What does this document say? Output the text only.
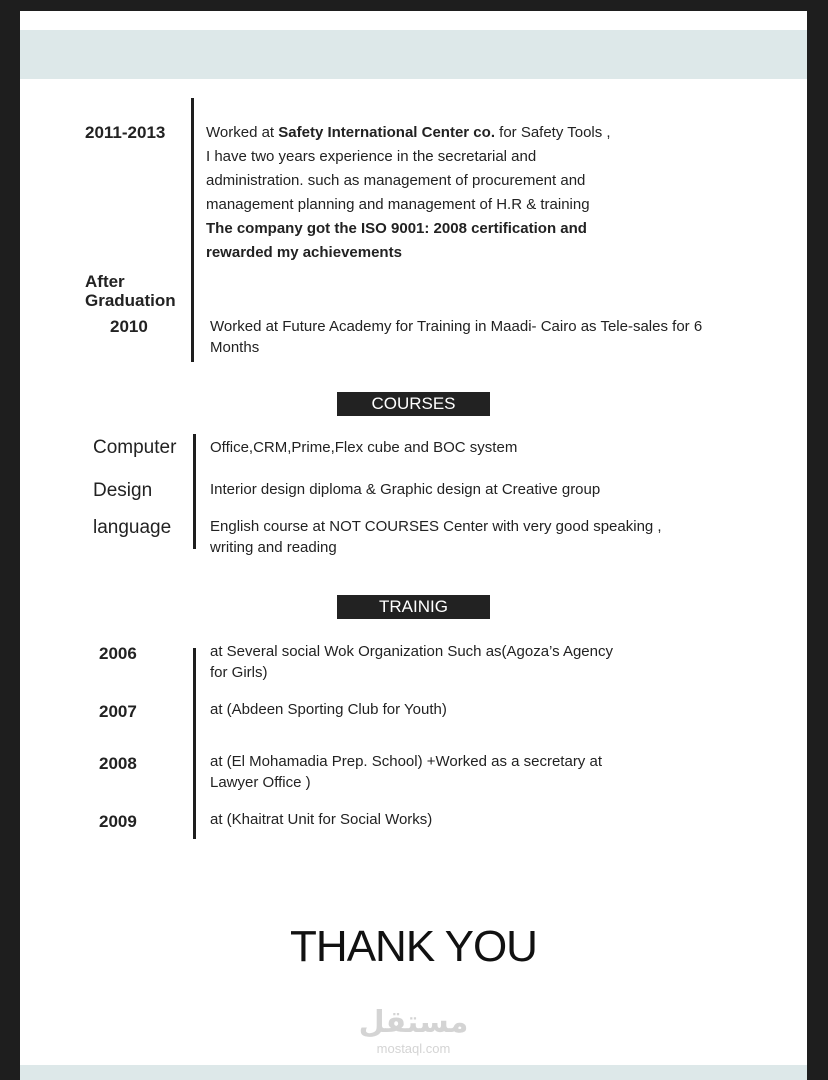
2011-2013	Worked at Safety International Center co. for Safety Tools ,
I have two years experience in the secretarial and
administration. such as management of procurement and
management planning and management of H.R & training
The company got the ISO 9001: 2008 certification and
rewarded my achievements
After
Graduation
2010	Worked at Future Academy for Training in Maadi- Cairo as Tele-sales for 6
Months
COURSES
Computer Office,CRM,Prime,Flex cube and BOC system
Design	Interior design diploma & Graphic design at Creative group
language	English course at NOT COURSES Center with very good speaking ,
writing and reading
TRAINIG
2006	at Several social Wok Organization Such as(Agoza’s Agency
for Girls)
2007	at (Abdeen Sporting Club for Youth)
2008	at (El Mohamadia Prep. School) +Worked as a secretary at
Lawyer Office )
2009	at (Khaitrat Unit for Social Works)
THANK YOU
مستقل
mostaql.com
